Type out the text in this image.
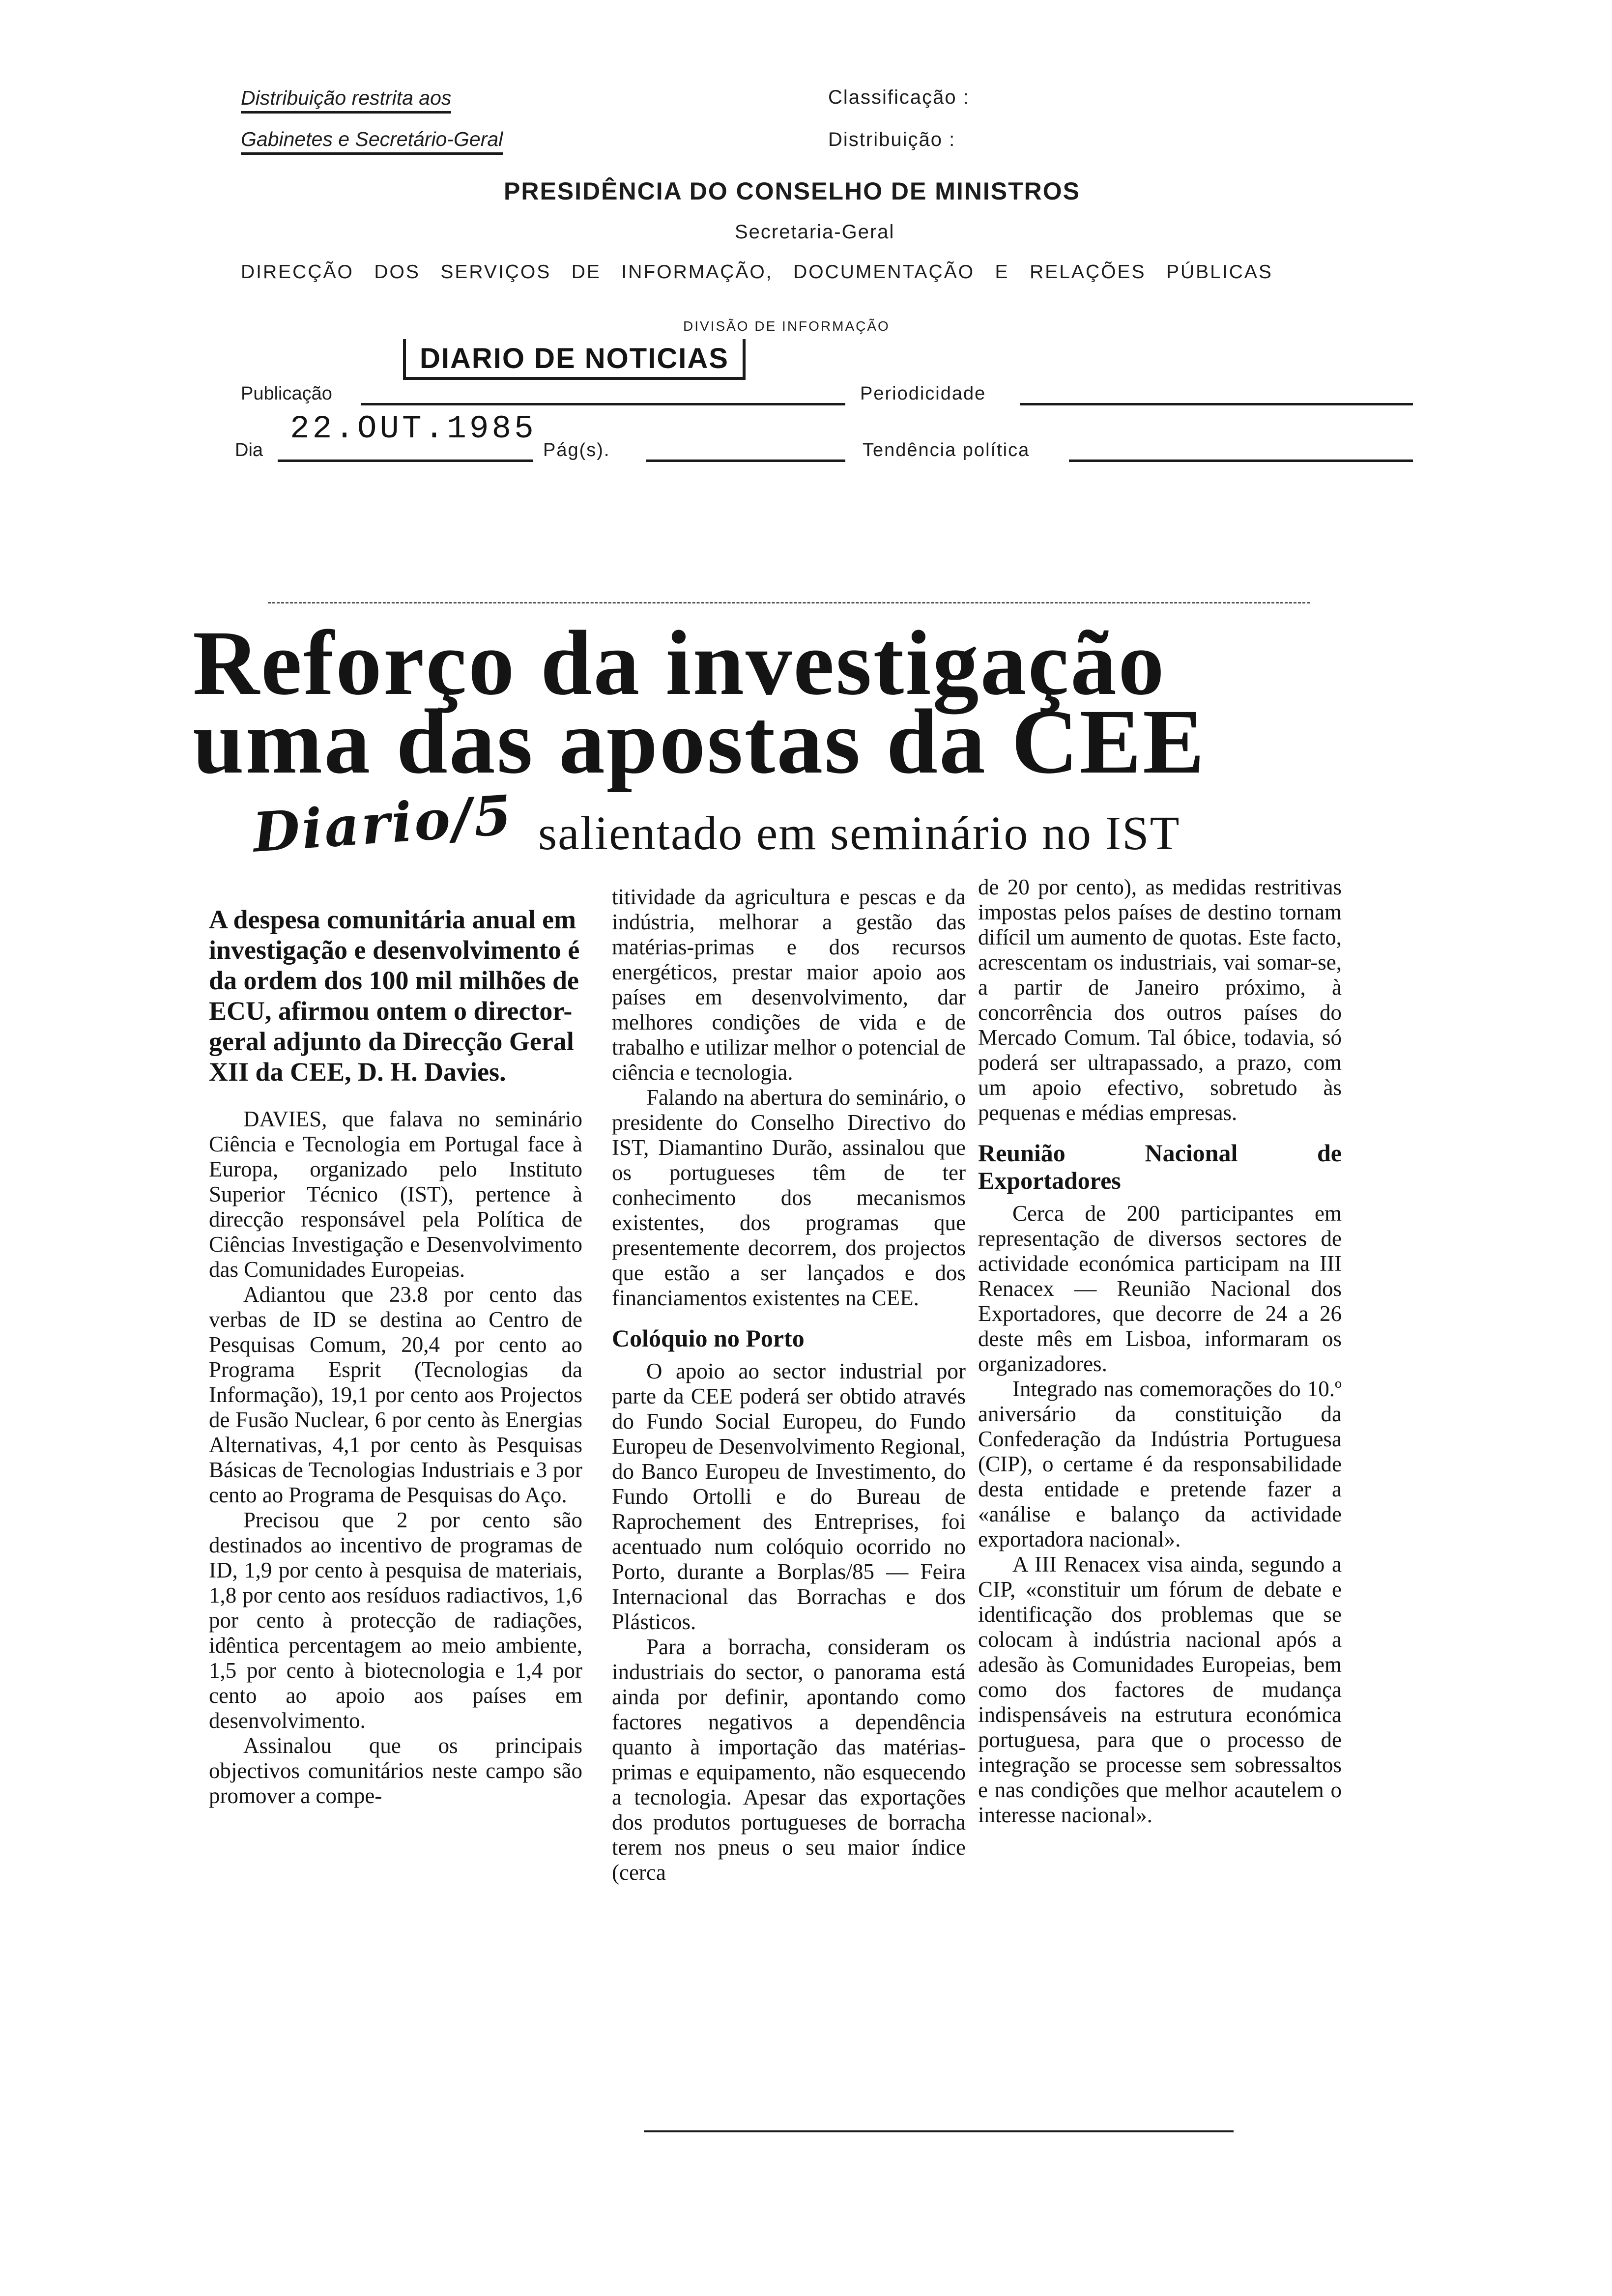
Distribuição restrita aos
Gabinetes e Secretário-Geral
Classificação :
Distribuição :
PRESIDÊNCIA DO CONSELHO DE MINISTROS
Secretaria-Geral
DIRECÇÃO   DOS   SERVIÇOS   DE   INFORMAÇÃO,   DOCUMENTAÇÃO   E   RELAÇÕES   PÚBLICAS
DIVISÃO DE INFORMAÇÃO
DIARIO DE NOTICIAS
Publicação	Periodicidade
Dia
22.OUT.1985
Pág(s).	Tendência política
Reforço da investigação
uma das apostas da CEE
Diario/5 salientado em seminário no IST
A despesa comunitária anual em investigação e desenvolvimento é da ordem dos 100 mil milhões de ECU, afirmou ontem o director-geral adjunto da Direcção Geral XII da CEE, D. H. Davies.

DAVIES, que falava no seminário Ciência e Tecnologia em Portugal face à Europa, organizado pelo Instituto Superior Técnico (IST), pertence à direcção responsável pela Política de Ciências Investigação e Desenvolvimento das Comunidades Europeias.

Adiantou que 23.8 por cento das verbas de ID se destina ao Centro de Pesquisas Comum, 20,4 por cento ao Programa Esprit (Tecnologias da Informação), 19,1 por cento aos Projectos de Fusão Nuclear, 6 por cento às Energias Alternativas, 4,1 por cento às Pesquisas Básicas de Tecnologias Industriais e 3 por cento ao Programa de Pesquisas do Aço.

Precisou que 2 por cento são destinados ao incentivo de programas de ID, 1,9 por cento à pesquisa de materiais, 1,8 por cento aos resíduos radiactivos, 1,6 por cento à protecção de radiações, idêntica percentagem ao meio ambiente, 1,5 por cento à biotecnologia e 1,4 por cento ao apoio aos países em desenvolvimento.

Assinalou que os principais objectivos comunitários neste campo são promover a compe-

titividade da agricultura e pescas e da indústria, melhorar a gestão das matérias-primas e dos recursos energéticos, prestar maior apoio aos países em desenvolvimento, dar melhores condições de vida e de trabalho e utilizar melhor o potencial de ciência e tecnologia.

Falando na abertura do seminário, o presidente do Conselho Directivo do IST, Diamantino Durão, assinalou que os portugueses têm de ter conhecimento dos mecanismos existentes, dos programas que presentemente decorrem, dos projectos que estão a ser lançados e dos financiamentos existentes na CEE.

Colóquio no Porto

O apoio ao sector industrial por parte da CEE poderá ser obtido através do Fundo Social Europeu, do Fundo Europeu de Desenvolvimento Regional, do Banco Europeu de Investimento, do Fundo Ortolli e do Bureau de Raprochement des Entreprises, foi acentuado num colóquio ocorrido no Porto, durante a Borplas/85 — Feira Internacional das Borrachas e dos Plásticos.

Para a borracha, consideram os industriais do sector, o panorama está ainda por definir, apontando como factores negativos a dependência quanto à importação das matérias-primas e equipamento, não esquecendo a tecnologia. Apesar das exportações dos produtos portugueses de borracha terem nos pneus o seu maior índice (cerca

de 20 por cento), as medidas restritivas impostas pelos países de destino tornam difícil um aumento de quotas. Este facto, acrescentam os industriais, vai somar-se, a partir de Janeiro próximo, à concorrência dos outros países do Mercado Comum. Tal óbice, todavia, só poderá ser ultrapassado, a prazo, com um apoio efectivo, sobretudo às pequenas e médias empresas.

Reunião Nacional de Exportadores

Cerca de 200 participantes em representação de diversos sectores de actividade económica participam na III Renacex — Reunião Nacional dos Exportadores, que decorre de 24 a 26 deste mês em Lisboa, informaram os organizadores.

Integrado nas comemorações do 10.º aniversário da constituição da Confederação da Indústria Portuguesa (CIP), o certame é da responsabilidade desta entidade e pretende fazer a «análise e balanço da actividade exportadora nacional».

A III Renacex visa ainda, segundo a CIP, «constituir um fórum de debate e identificação dos problemas que se colocam à indústria nacional após a adesão às Comunidades Europeias, bem como dos factores de mudança indispensáveis na estrutura económica portuguesa, para que o processo de integração se processe sem sobressaltos e nas condições que melhor acautelem o interesse nacional».
